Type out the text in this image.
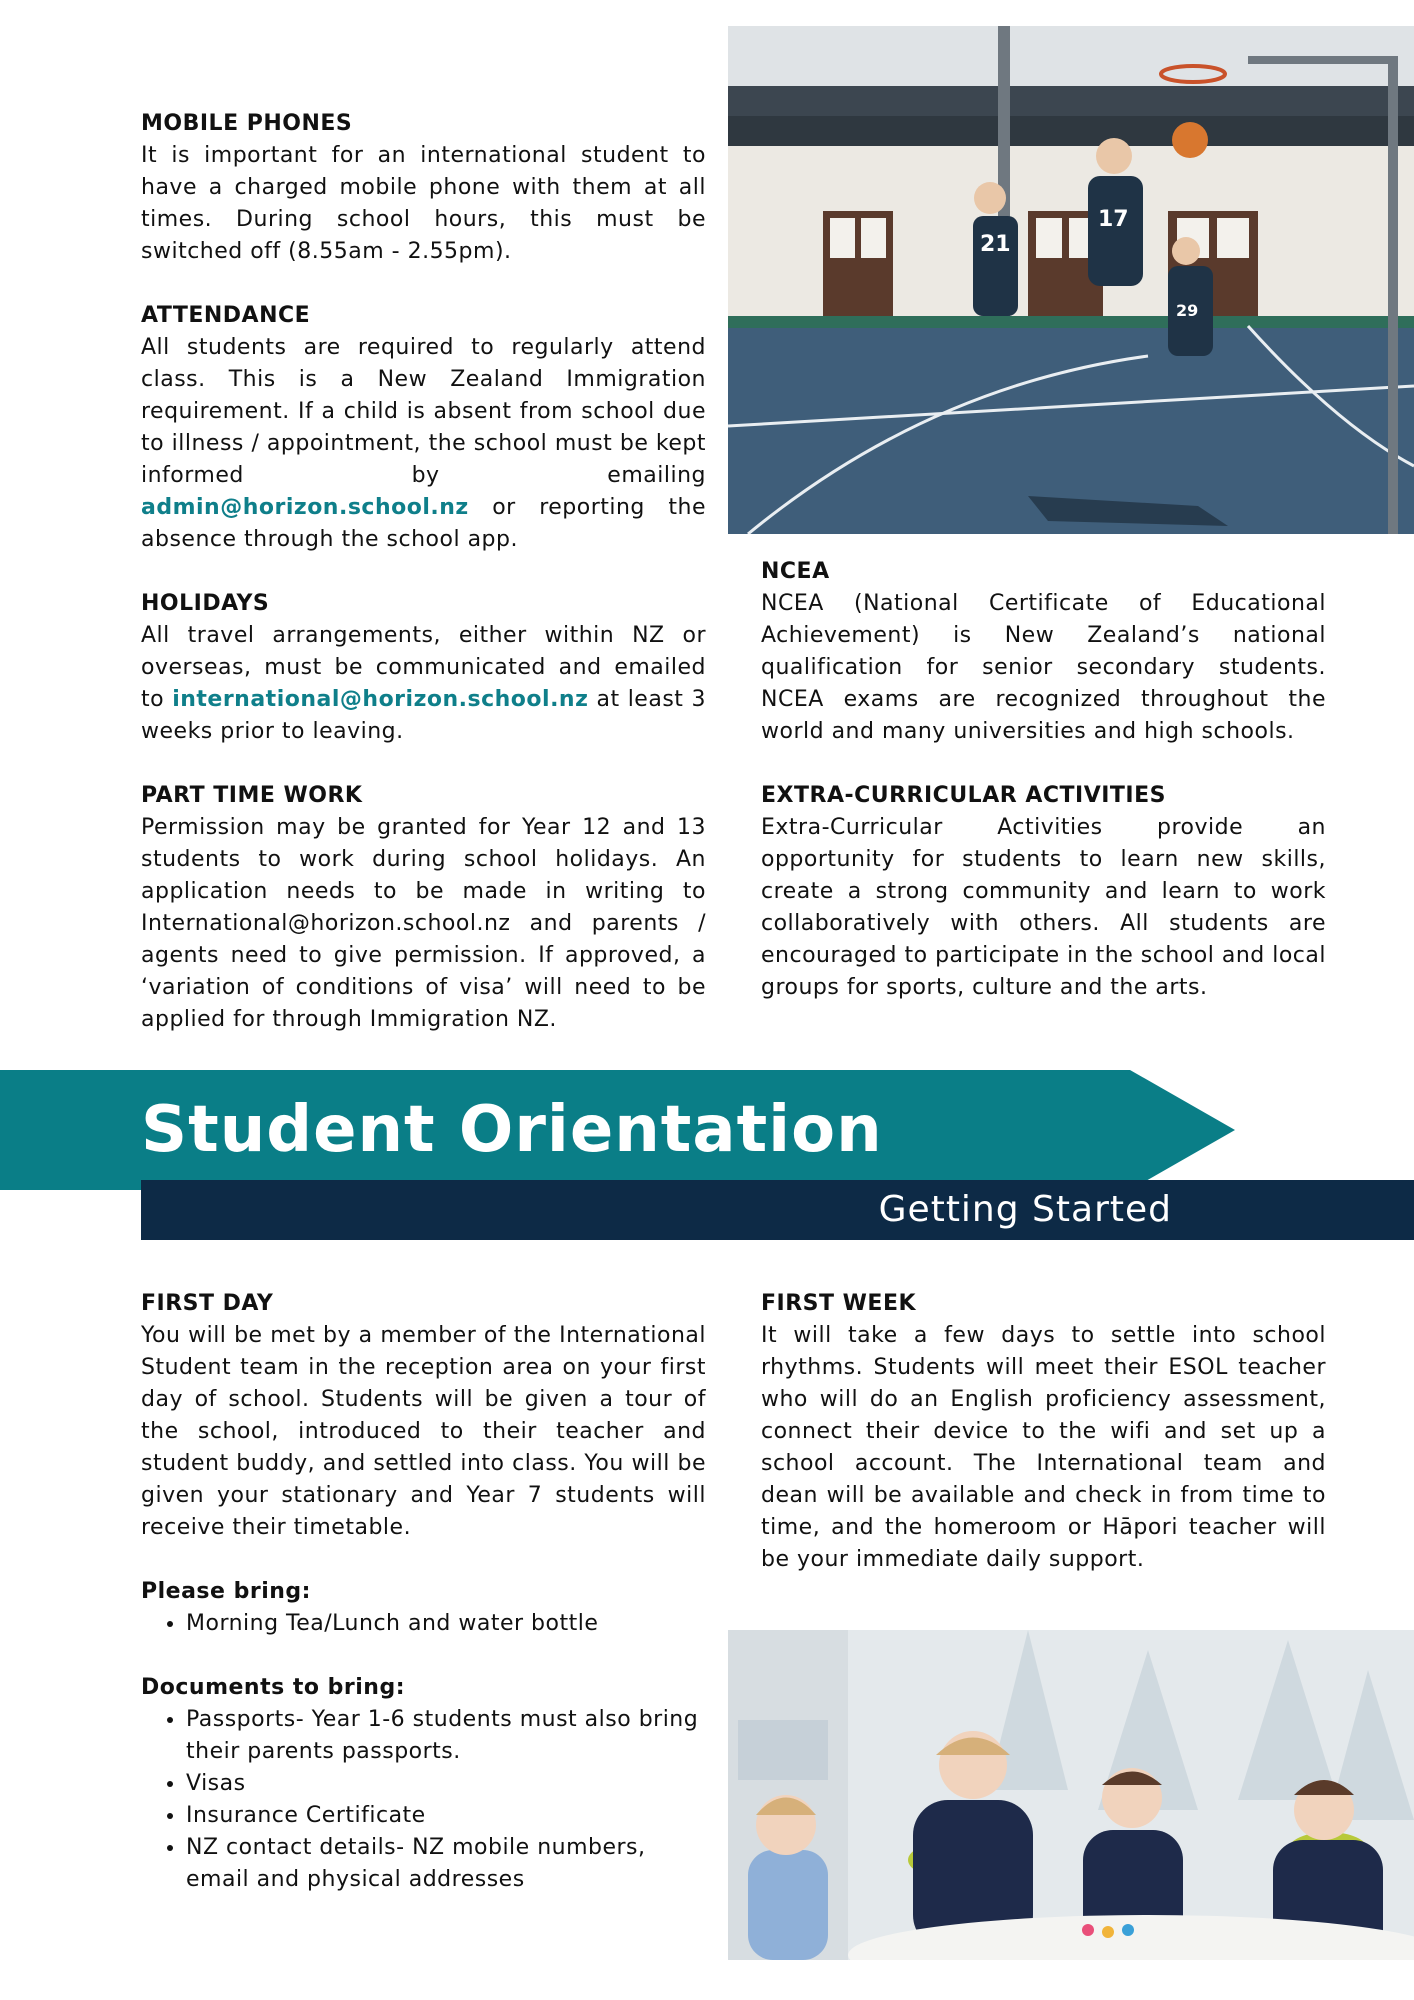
17
21
29
MOBILE PHONES
It is important for an international student to have a charged mobile phone with them at all times. During school hours, this must be switched off (8.55am - 2.55pm).
ATTENDANCE
All students are required to regularly attend class. This is a New Zealand Immigration requirement. If a child is absent from school due to illness / appointment, the school must be kept informed by emailing admin@horizon.school.nz or reporting the absence through the school app.
HOLIDAYS
All travel arrangements, either within NZ or overseas, must be communicated and emailed to international@horizon.school.nz at least 3 weeks prior to leaving.
PART TIME WORK
Permission may be granted for Year 12 and 13 students to work during school holidays. An application needs to be made in writing to International@horizon.school.nz and parents / agents need to give permission. If approved, a ‘variation of conditions of visa’ will need to be applied for through Immigration NZ.
NCEA
NCEA (National Certificate of Educational Achievement) is New Zealand’s national qualification for senior secondary students. NCEA exams are recognized throughout the world and many universities and high schools.
EXTRA-CURRICULAR ACTIVITIES
Extra-Curricular Activities provide an opportunity for students to learn new skills, create a strong community and learn to work collaboratively with others. All students are encouraged to participate in the school and local groups for sports, culture and the arts.
Student Orientation
Getting Started
FIRST DAY
You will be met by a member of the International Student team in the reception area on your first day of school. Students will be given a tour of the school, introduced to their teacher and student buddy, and settled into class. You will be given your stationary and Year 7 students will receive their timetable.
Please bring:
• Morning Tea/Lunch and water bottle
Documents to bring:
• Passports- Year 1-6 students must also bring their parents passports.
• Visas
• Insurance Certificate
• NZ contact details- NZ mobile numbers, email and physical addresses
FIRST WEEK
It will take a few days to settle into school rhythms. Students will meet their ESOL teacher who will do an English proficiency assessment, connect their device to the wifi and set up a school account. The International team and dean will be available and check in from time to time, and the homeroom or Hāpori teacher will be your immediate daily support.
